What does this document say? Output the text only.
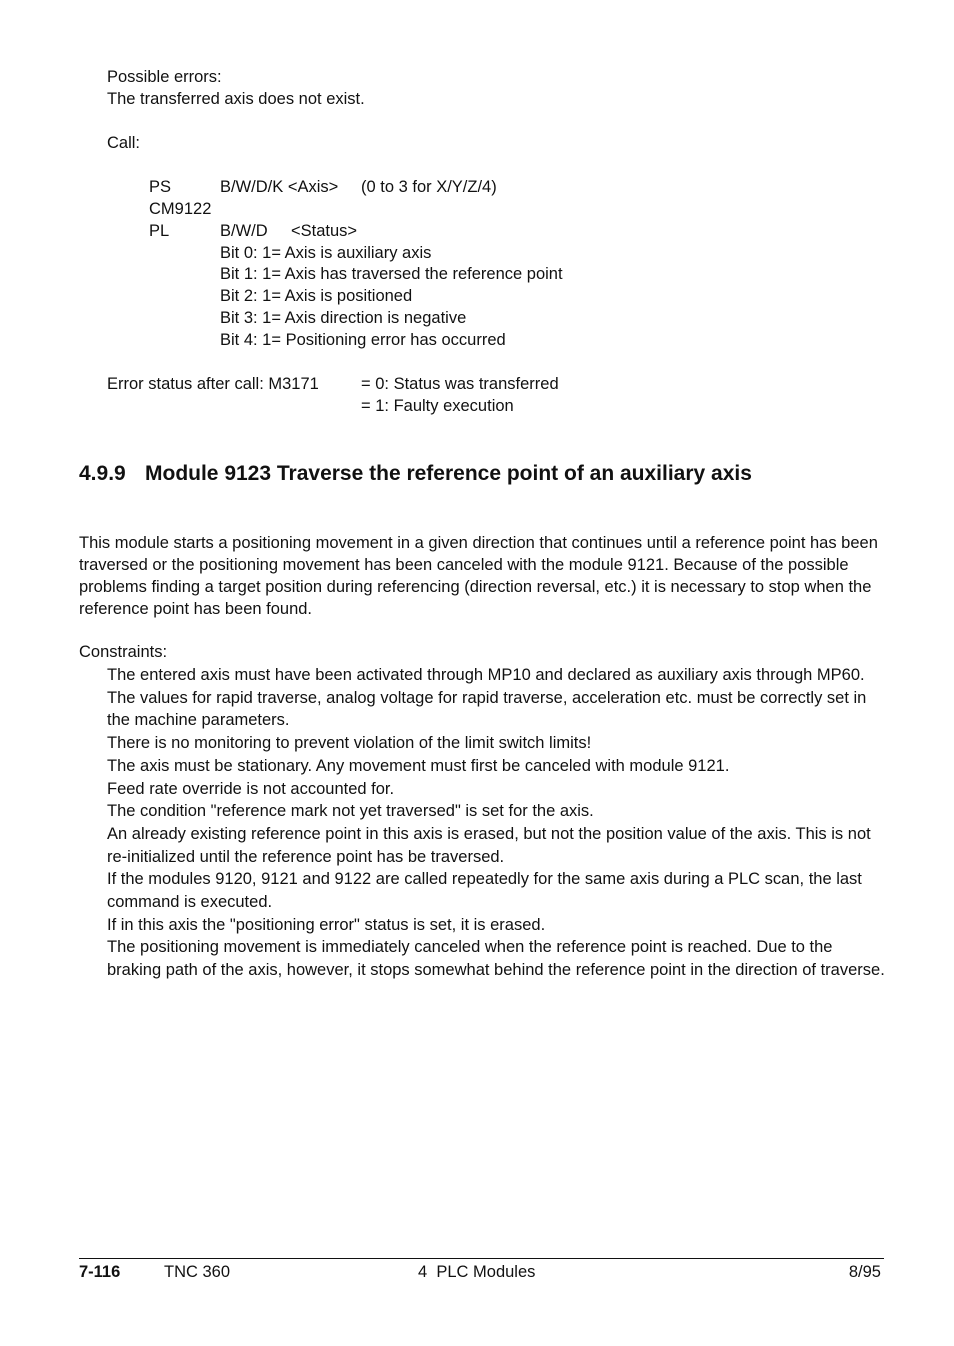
Possible errors:
The transferred axis does not exist.
Call:
PS	B/W/D/K <Axis> (0 to 3 for X/Y/Z/4)
CM9122
PL	B/W/D <Status>
Bit 0: 1= Axis is auxiliary axis
Bit 1: 1= Axis has traversed the reference point
Bit 2: 1= Axis is positioned
Bit 3: 1= Axis direction is negative
Bit 4: 1= Positioning error has occurred
Error status after call: M3171	= 0: Status was transferred
= 1: Faulty execution
4.9.9 Module 9123 Traverse the reference point of an auxiliary axis
This module starts a positioning movement in a given direction that continues until a reference point has been traversed or the positioning movement has been canceled with the module 9121. Because of the possible problems finding a target position during referencing (direction reversal, etc.) it is necessary to stop when the reference point has been found.
Constraints:
The entered axis must have been activated through MP10 and declared as auxiliary axis through MP60.
The values for rapid traverse, analog voltage for rapid traverse, acceleration etc. must be correctly set in the machine parameters.
There is no monitoring to prevent violation of the limit switch limits!
The axis must be stationary. Any movement must first be canceled with module 9121.
Feed rate override is not accounted for.
The condition "reference mark not yet traversed" is set for the axis.
An already existing reference point in this axis is erased, but not the position value of the axis. This is not re-initialized until the reference point has be traversed.
If the modules 9120, 9121 and 9122 are called repeatedly for the same axis during a PLC scan, the last command is executed.
If in this axis the "positioning error" status is set, it is erased.
The positioning movement is immediately canceled when the reference point is reached. Due to the braking path of the axis, however, it stops somewhat behind the reference point in the direction of traverse.
7-116	TNC 360	4  PLC Modules	8/95
